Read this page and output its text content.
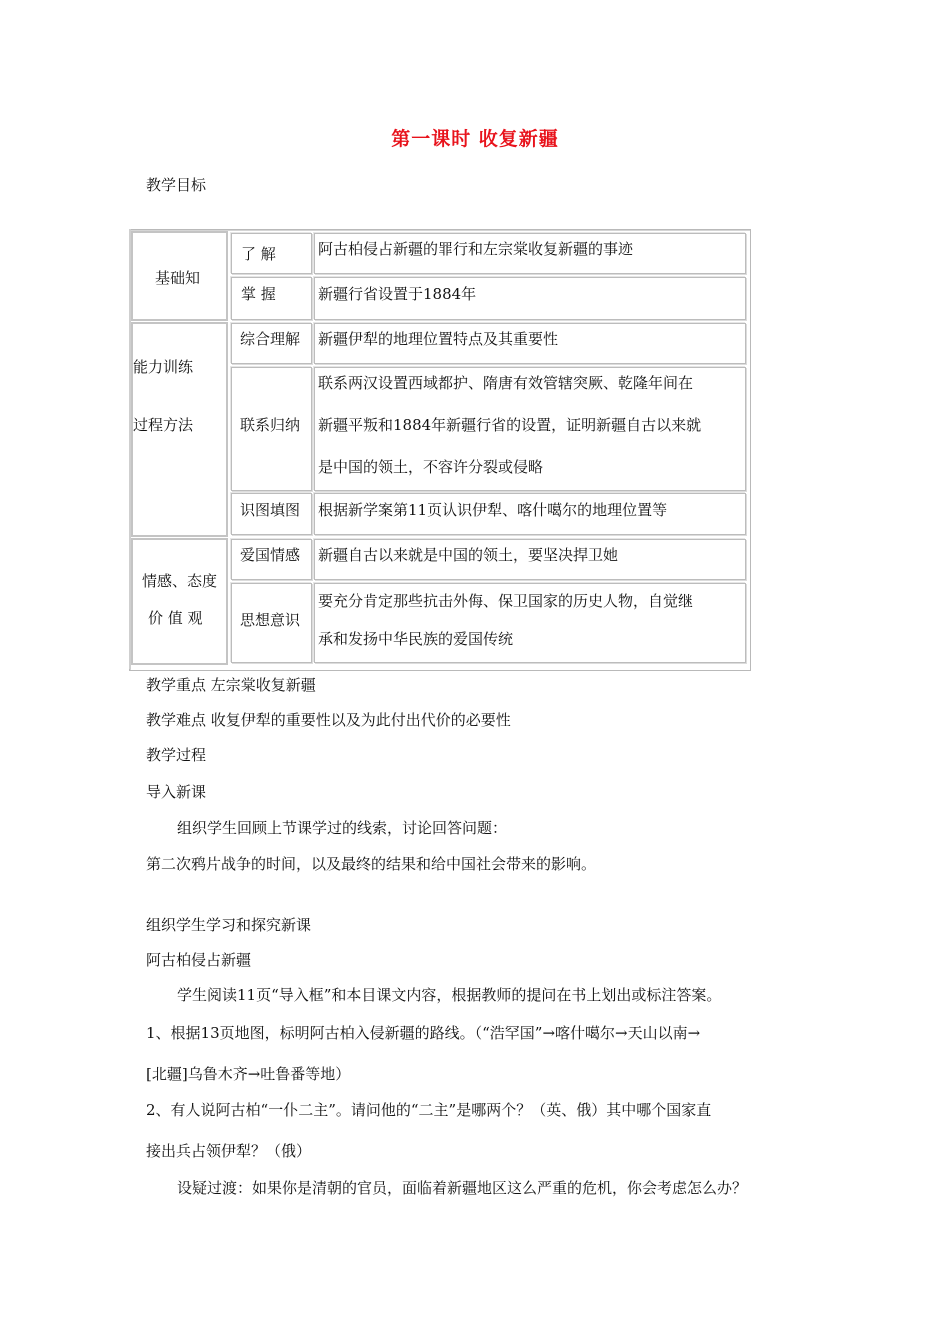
第一课时 收复新疆
教学目标
基础知
了 解	阿古柏侵占新疆的罪行和左宗棠收复新疆的事迹
掌 握	新疆行省设置于1884年
能力训练
过程方法
综合理解 新疆伊犁的地理位置特点及其重要性
联系归纳
联系两汉设置西域都护、隋唐有效管辖突厥、乾隆年间在
新疆平叛和1884年新疆行省的设置，证明新疆自古以来就
是中国的领土，不容许分裂或侵略
识图填图 根据新学案第11页认识伊犁、喀什噶尔的地理位置等
情感、态度
价 值 观
爱国情感 新疆自古以来就是中国的领土，要坚决捍卫她
思想意识
要充分肯定那些抗击外侮、保卫国家的历史人物，自觉继
承和发扬中华民族的爱国传统
教学重点 左宗棠收复新疆
教学难点 收复伊犁的重要性以及为此付出代价的必要性
教学过程
导入新课
组织学生回顾上节课学过的线索，讨论回答问题：
第二次鸦片战争的时间，以及最终的结果和给中国社会带来的影响。
组织学生学习和探究新课
阿古柏侵占新疆
学生阅读11页“导入框”和本目课文内容，根据教师的提问在书上划出或标注答案。
1、根据13页地图，标明阿古柏入侵新疆的路线。（“浩罕国”→喀什噶尔→天山以南→
[北疆]乌鲁木齐→吐鲁番等地）
2、有人说阿古柏“一仆二主”。请问他的“二主”是哪两个？（英、俄）其中哪个国家直
接出兵占领伊犁？（俄）
设疑过渡：如果你是清朝的官员，面临着新疆地区这么严重的危机，你会考虑怎么办？
